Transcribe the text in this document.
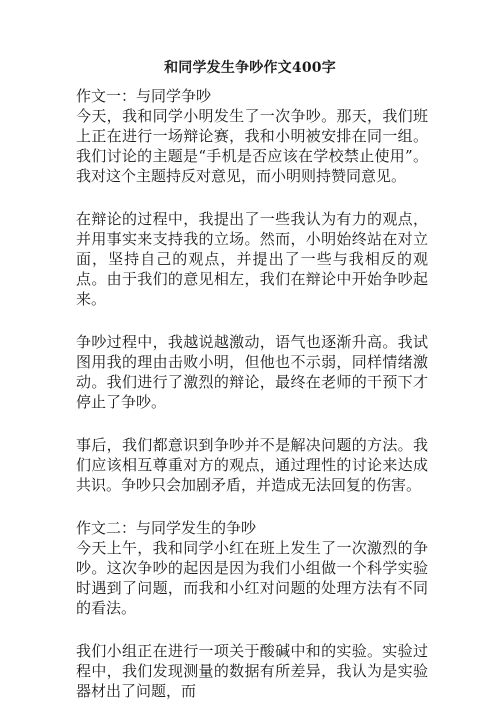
和同学发生争吵作文400字
作文一：与同学争吵

今天，我和同学小明发生了一次争吵。那天，我们班上正在进行一场辩论赛，我和小明被安排在同一组。我们讨论的主题是“手机是否应该在学校禁止使用”。我对这个主题持反对意见，而小明则持赞同意见。

在辩论的过程中，我提出了一些我认为有力的观点，并用事实来支持我的立场。然而，小明始终站在对立面，坚持自己的观点，并提出了一些与我相反的观点。由于我们的意见相左，我们在辩论中开始争吵起来。

争吵过程中，我越说越激动，语气也逐渐升高。我试图用我的理由击败小明，但他也不示弱，同样情绪激动。我们进行了激烈的辩论，最终在老师的干预下才停止了争吵。

事后，我们都意识到争吵并不是解决问题的方法。我们应该相互尊重对方的观点，通过理性的讨论来达成共识。争吵只会加剧矛盾，并造成无法回复的伤害。

作文二：与同学发生的争吵

今天上午，我和同学小红在班上发生了一次激烈的争吵。这次争吵的起因是因为我们小组做一个科学实验时遇到了问题，而我和小红对问题的处理方法有不同的看法。

我们小组正在进行一项关于酸碱中和的实验。实验过程中，我们发现测量的数据有所差异，我认为是实验器材出了问题，而
